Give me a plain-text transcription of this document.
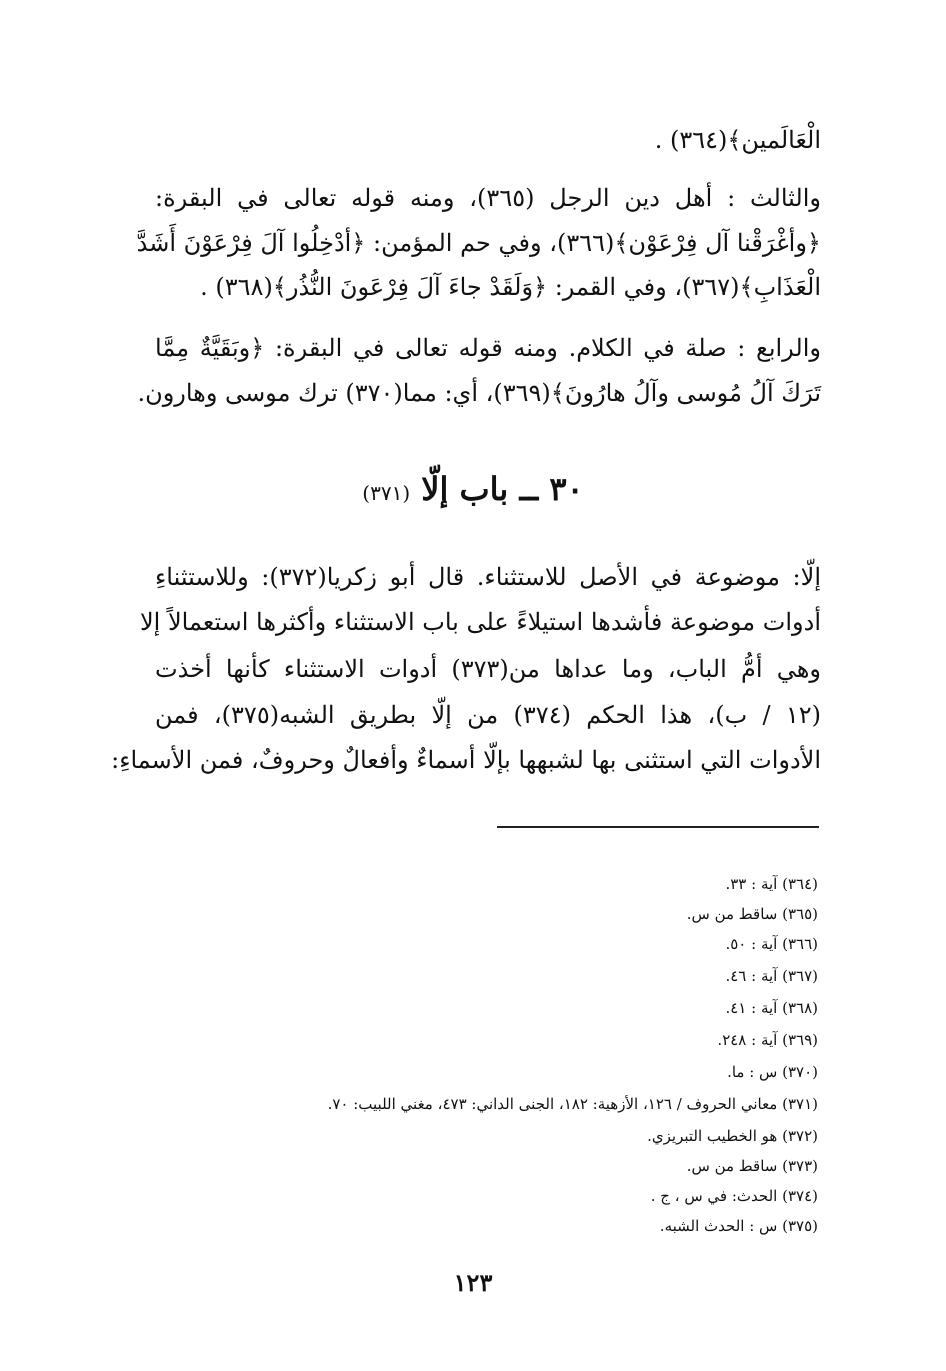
الْعَالَمين﴾(٣٦٤) .
والثالث : أهل دين الرجل (٣٦٥)، ومنه قوله تعالى في البقرة:
﴿وأغْرَقْنا آل فِرْعَوْن﴾(٣٦٦)، وفي حم المؤمن: ﴿أدْخِلُوا آلَ فِرْعَوْنَ أَشَدَّ
الْعَذَابِ﴾(٣٦٧)، وفي القمر: ﴿وَلَقَدْ جاءَ آلَ فِرْعَونَ النُّذُر﴾(٣٦٨) .
والرابع : صلة في الكلام. ومنه قوله تعالى في البقرة: ﴿وبَقَيَّةٌ مِمَّا
تَرَكَ آلُ مُوسى وآلُ هارُونَ﴾(٣٦٩)، أي: مما(٣٧٠) ترك موسى وهارون.
٣٠ ــ باب إلّا (٣٧١)
إلّا: موضوعة في الأصل للاستثناء. قال أبو زكريا(٣٧٢): وللاستثناءِ
أدوات موضوعة فأشدها استيلاءً على باب الاستثناء وأكثرها استعمالاً إلا
وهي أمُّ الباب، وما عداها من(٣٧٣) أدوات الاستثناء كأنها أخذت
(١٢ / ب)، هذا الحكم (٣٧٤) من إلّا بطريق الشبه(٣٧٥)، فمن
الأدوات التي استثنى بها لشبهها بإلّا أسماءٌ وأفعالٌ وحروفٌ، فمن الأسماءِ:
(٣٦٤) آية : ٣٣.
(٣٦٥) ساقط من س.
(٣٦٦) آية : ٥٠.
(٣٦٧) آية : ٤٦.
(٣٦٨) آية : ٤١.
(٣٦٩) آية : ٢٤٨.
(٣٧٠) س : ما.
(٣٧١) معاني الحروف / ١٢٦، الأزهية: ١٨٢، الجنى الداني: ٤٧٣، مغني اللبيب: ٧٠.
(٣٧٢) هو الخطيب التبريزي.
(٣٧٣) ساقط من س.
(٣٧٤) الحدث: في س ، ج .
(٣٧٥) س : الحدث الشبه.
١٢٣
